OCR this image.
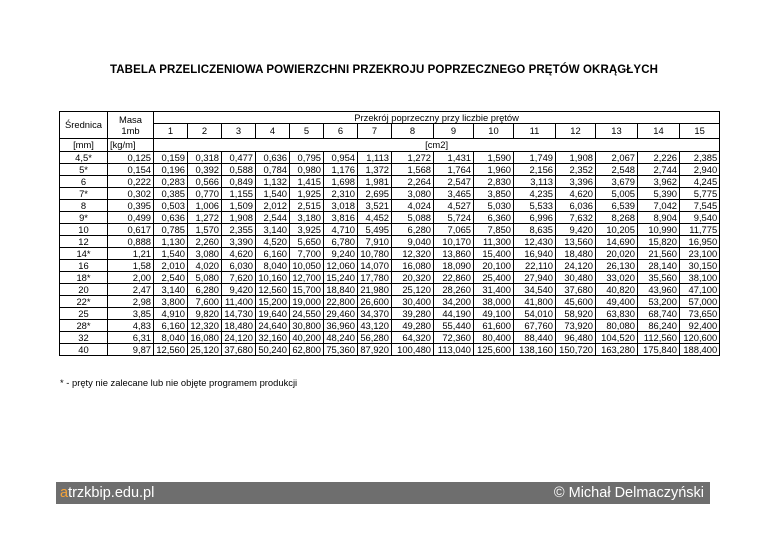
TABELA PRZELICZENIOWA POWIERZCHNI PRZEKROJU POPRZECZNEGO PRĘTÓW OKRĄGŁYCH
Średnica	Masa 1mb	Przekrój poprzeczny przy liczbie prętów														
		1	2	3	4	5	6	7	8	9	10	11	12	13	14	15
[mm]	[kg/m]	[cm2]														
4,5*	0,125	0,159	0,318	0,477	0,636	0,795	0,954	1,113	1,272	1,431	1,590	1,749	1,908	2,067	2,226	2,385
5*	0,154	0,196	0,392	0,588	0,784	0,980	1,176	1,372	1,568	1,764	1,960	2,156	2,352	2,548	2,744	2,940
6	0,222	0,283	0,566	0,849	1,132	1,415	1,698	1,981	2,264	2,547	2,830	3,113	3,396	3,679	3,962	4,245
7*	0,302	0,385	0,770	1,155	1,540	1,925	2,310	2,695	3,080	3,465	3,850	4,235	4,620	5,005	5,390	5,775
8	0,395	0,503	1,006	1,509	2,012	2,515	3,018	3,521	4,024	4,527	5,030	5,533	6,036	6,539	7,042	7,545
9*	0,499	0,636	1,272	1,908	2,544	3,180	3,816	4,452	5,088	5,724	6,360	6,996	7,632	8,268	8,904	9,540
10	0,617	0,785	1,570	2,355	3,140	3,925	4,710	5,495	6,280	7,065	7,850	8,635	9,420	10,205	10,990	11,775
12	0,888	1,130	2,260	3,390	4,520	5,650	6,780	7,910	9,040	10,170	11,300	12,430	13,560	14,690	15,820	16,950
14*	1,21	1,540	3,080	4,620	6,160	7,700	9,240	10,780	12,320	13,860	15,400	16,940	18,480	20,020	21,560	23,100
16	1,58	2,010	4,020	6,030	8,040	10,050	12,060	14,070	16,080	18,090	20,100	22,110	24,120	26,130	28,140	30,150
18*	2,00	2,540	5,080	7,620	10,160	12,700	15,240	17,780	20,320	22,860	25,400	27,940	30,480	33,020	35,560	38,100
20	2,47	3,140	6,280	9,420	12,560	15,700	18,840	21,980	25,120	28,260	31,400	34,540	37,680	40,820	43,960	47,100
22*	2,98	3,800	7,600	11,400	15,200	19,000	22,800	26,600	30,400	34,200	38,000	41,800	45,600	49,400	53,200	57,000
25	3,85	4,910	9,820	14,730	19,640	24,550	29,460	34,370	39,280	44,190	49,100	54,010	58,920	63,830	68,740	73,650
28*	4,83	6,160	12,320	18,480	24,640	30,800	36,960	43,120	49,280	55,440	61,600	67,760	73,920	80,080	86,240	92,400
32	6,31	8,040	16,080	24,120	32,160	40,200	48,240	56,280	64,320	72,360	80,400	88,440	96,480	104,520	112,560	120,600
40	9,87	12,560	25,120	37,680	50,240	62,800	75,360	87,920	100,480	113,040	125,600	138,160	150,720	163,280	175,840	188,400
* - pręty nie zalecane lub nie objęte programem produkcji
atrzkbip.edu.pl	© Michał Delmaczyński
